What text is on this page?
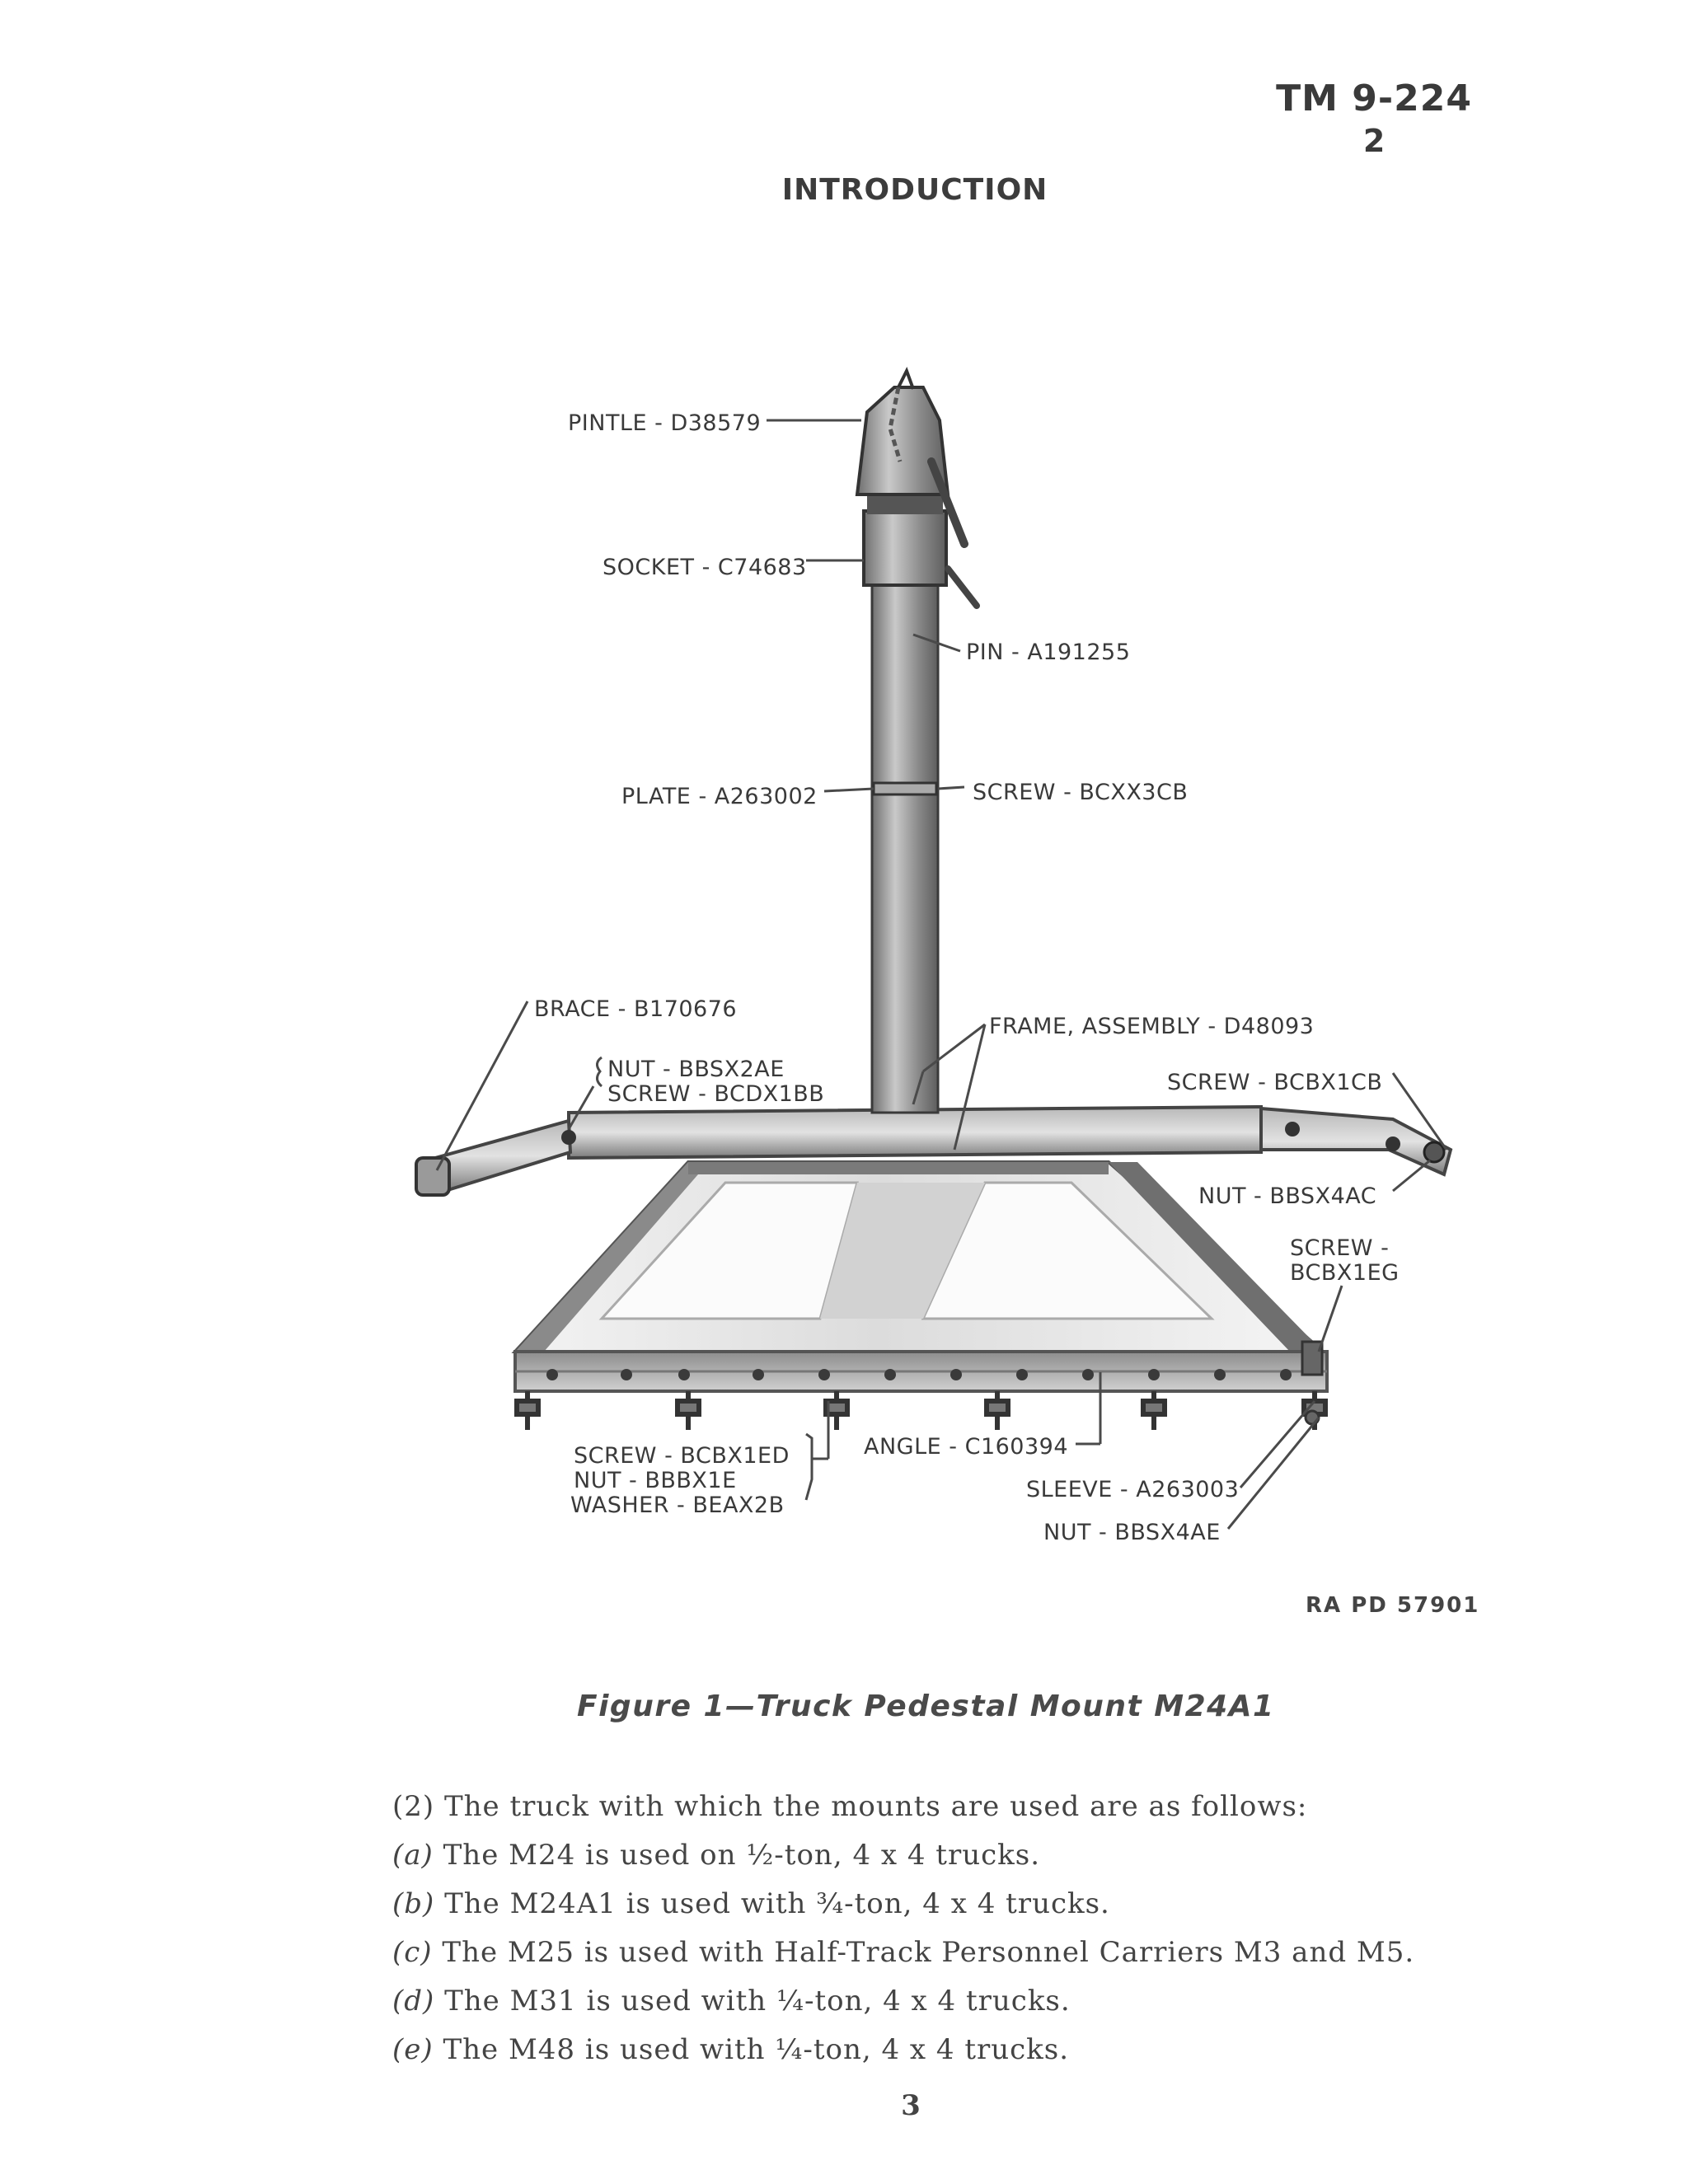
TM 9-224
2
INTRODUCTION
PINTLE - D38579
SOCKET - C74683
PIN - A191255
PLATE - A263002	SCREW - BCXX3CB
BRACE - B170676
FRAME, ASSEMBLY - D48093
NUT - BBSX2AE
SCREW - BCDX1BB	SCREW - BCBX1CB
NUT - BBSX4AC
SCREW -
BCBX1EG
SCREW - BCBX1ED
NUT - BBBX1E
WASHER - BEAX2B
ANGLE - C160394
SLEEVE - A263003
NUT - BBSX4AE
RA PD 57901
Figure 1—Truck Pedestal Mount M24A1
(2) The truck with which the mounts are used are as follows:
(a) The M24 is used on ½-ton, 4 x 4 trucks.
(b) The M24A1 is used with ¾-ton, 4 x 4 trucks.
(c) The M25 is used with Half-Track Personnel Carriers M3 and M5.
(d) The M31 is used with ¼-ton, 4 x 4 trucks.
(e) The M48 is used with ¼-ton, 4 x 4 trucks.
3
